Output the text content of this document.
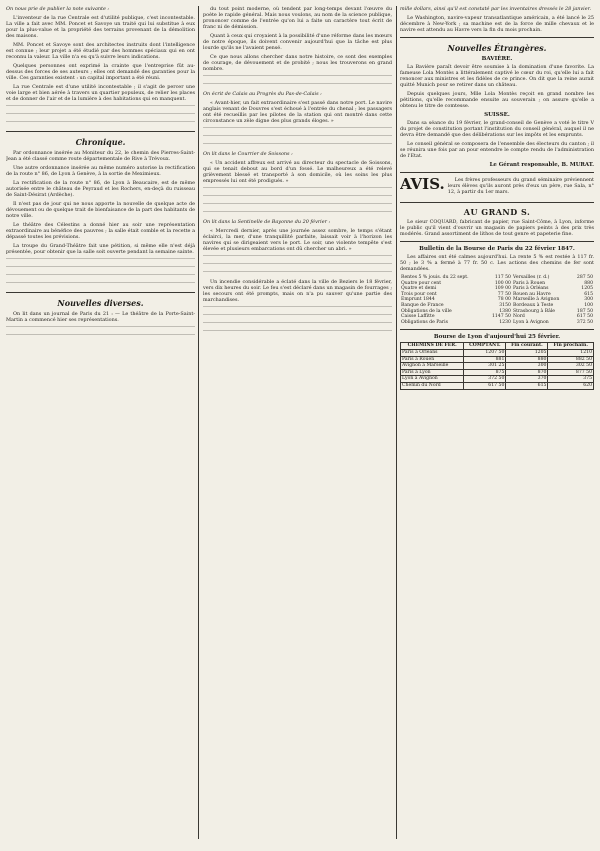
On nous prie de publier la note suivante :

L'inventeur de la rue Centrale est d'utilité publique, c'est incontestable. La ville a fait avec MM. Poncet et Savoye un traité qui lui substitue à eux pour la plus-value et la propriété des terrains provenant de la démolition des maisons.

MM. Poncet et Savoye sont des architectes instruits dont l'intelligence est connue ; leur projet a été étudié par des hommes spéciaux qui en ont reconnu la valeur. La ville n'a eu qu'à suivre leurs indications.

Quelques personnes ont exprimé la crainte que l'entreprise fût au-dessus des forces de ses auteurs ; elles ont demandé des garanties pour la ville. Ces garanties existent : un capital important a été réuni.

La rue Centrale est d'une utilité incontestable ; il s'agit de percer une voie large et bien aérée à travers un quartier populeux, de relier les places et de donner de l'air et de la lumière à des habitations qui en manquent.

Chronique.

Par ordonnance insérée au Moniteur du 22, le chemin des Pierres-Saint-Jean a été classé comme route départementale de Rive à Trévoux.

Une autre ordonnance insérée au même numéro autorise la rectification de la route n° 86, de Lyon à Genève, à la sortie de Meximieux.

La rectification de la route n° 86, de Lyon à Beaucaire, est de même autorisée entre le château de Peyraud et les Rochers, en-deçà du ruisseau de Saint-Désirat (Ardèche).

Il n'est pas de jour qui ne nous apporte la nouvelle de quelque acte de dévouement ou de quelque trait de bienfaisance de la part des habitants de notre ville.

Le théâtre des Célestins a donné hier au soir une représentation extraordinaire au bénéfice des pauvres ; la salle était comble et la recette a dépassé toutes les prévisions.

La troupe du Grand-Théâtre fait une pétition, si même elle n'est déjà présentée, pour obtenir que la salle soit ouverte pendant la semaine sainte.

Nouvelles diverses.

On lit dans un journal de Paris du 21 : — Le théâtre de la Porte-Saint-Martin a commencé hier ses représentations.

du tout point moderne, où tendent par long-temps devant l'œuvre du poète le rapide général. Mais nous voulons, au nom de la science publique, prononcer comme de l'entrée qu'on lui a faite un caractère tout écrit de franc ni de démission.

Quant à ceux qui croyaient à la possibilité d'une réforme dans les mœurs de notre époque, ils doivent convenir aujourd'hui que la tâche est plus lourde qu'ils ne l'avaient pensé.

Ce que nous allons chercher dans notre histoire, ce sont des exemples de courage, de dévouement et de probité ; nous les trouverons en grand nombre.

On écrit de Calais au Progrès du Pas-de-Calais :

« Avant-hier, un fait extraordinaire s'est passé dans notre port. Le navire anglais venant de Douvres s'est échoué à l'entrée du chenal ; les passagers ont été recueillis par les pilotes de la station qui ont montré dans cette circonstance un zèle digne des plus grands éloges. »

On lit dans le Courrier de Soissons :

« Un accident affreux est arrivé au directeur du spectacle de Soissons, qui se tenait debout au bord d'un fossé. Le malheureux a été relevé grièvement blessé et transporté à son domicile, où les soins les plus empressés lui ont été prodigués. »

On lit dans la Sentinelle de Bayonne du 20 février :

« Mercredi dernier, après une journée assez sombre, le temps s'étant éclairci, la mer, d'une tranquillité parfaite, laissait voir à l'horizon les navires qui se dirigeaient vers le port. Le soir, une violente tempête s'est élevée et plusieurs embarcations ont dû chercher un abri. »

Un incendie considérable a éclaté dans la ville de Beziers le 18 février, vers dix heures du soir. Le feu s'est déclaré dans un magasin de fourrages ; les secours ont été prompts, mais on n'a pu sauver qu'une partie des marchandises.

mille dollars, ainsi qu'il est constaté par les inventaires dressés le 28 janvier.

Le Washington, navire-vapeur transatlantique américain, a été lancé le 25 décembre à New-York ; sa machine est de la force de mille chevaux et le navire est attendu au Havre vers la fin du mois prochain.

Nouvelles Étrangères.
BAVIÈRE.

La Bavière paraît devoir être soumise à la domination d'une favorite. La fameuse Lola Montès a littéralement captivé le cœur du roi, qu'elle lui a fait renoncer aux ministres et les fidèles de ce prince. On dit que la reine aurait quitté Munich pour se retirer dans un château.

Depuis quelques jours, Mlle Lola Montès reçoit en grand nombre les pétitions, qu'elle recommande ensuite au souverain ; on assure qu'elle a obtenu le titre de comtesse.

SUISSE.

Dans sa séance du 19 février, le grand-conseil de Genève a voté le titre V du projet de constitution portant l'institution du conseil général, auquel il ne devra être demandé que des délibérations sur les impôts et les emprunts.

Le conseil général se composera de l'ensemble des électeurs du canton ; il se réunira une fois par an pour entendre le compte rendu de l'administration de l'Etat.

Le Gérant responsable, B. MURAT.
AVIS.	Les frères professeurs du grand séminaire préviennent leurs élèves qu'ils auront près d'eux un père, rue Sala, n° 12, à partir du 1er mars.

AU GRAND S.

Le sieur COQUARD, fabricant de papier, rue Saint-Côme, à Lyon, informe le public qu'il vient d'ouvrir un magasin de papiers peints à des prix très modérés. Grand assortiment de lithos de tout genre et papeterie fine.

Bulletin de la Bourse de Paris du 22 février 1847.

Les affaires ont été calmes aujourd'hui. La rente 5 % est restée à 117 fr. 50 ; le 3 % a fermé à 77 fr. 50 c. Les actions des chemins de fer sont demandées.

Rentes 5 % jouis. du 22 sept.	117 50	Versailles (r. d.)	287 50
Quatre pour cent	100 00	Paris à Rouen	880
Quatre et demi	109 00	Paris à Orléans	1205
Trois pour cent	77 50	Rouen au Havre	615
Emprunt 1844	78 00	Marseille à Avignon	300
Banque de France	3150	Bordeaux à Teste	100
Obligations de la ville	1380	Strasbourg à Bâle	187 50
Caisse Laffitte	1147 50	Nord	617 50
Obligations de Paris	1230	Lyon à Avignon	372 50
Bourse de Lyon d'aujourd'hui 25 février.
CHEMINS DE FER.	COMPTANT.	Fin courant.	Fin prochain.
Paris à Orléans	1207 50	1205	1210
Paris à Rouen	881	880	882 50
Avignon à Marseille	301 25	300	302 50
Paris à Lyon	875	870	877 50
Lyon à Avignon	372 50	370	375
Chemin du Nord	617 50	615	620
